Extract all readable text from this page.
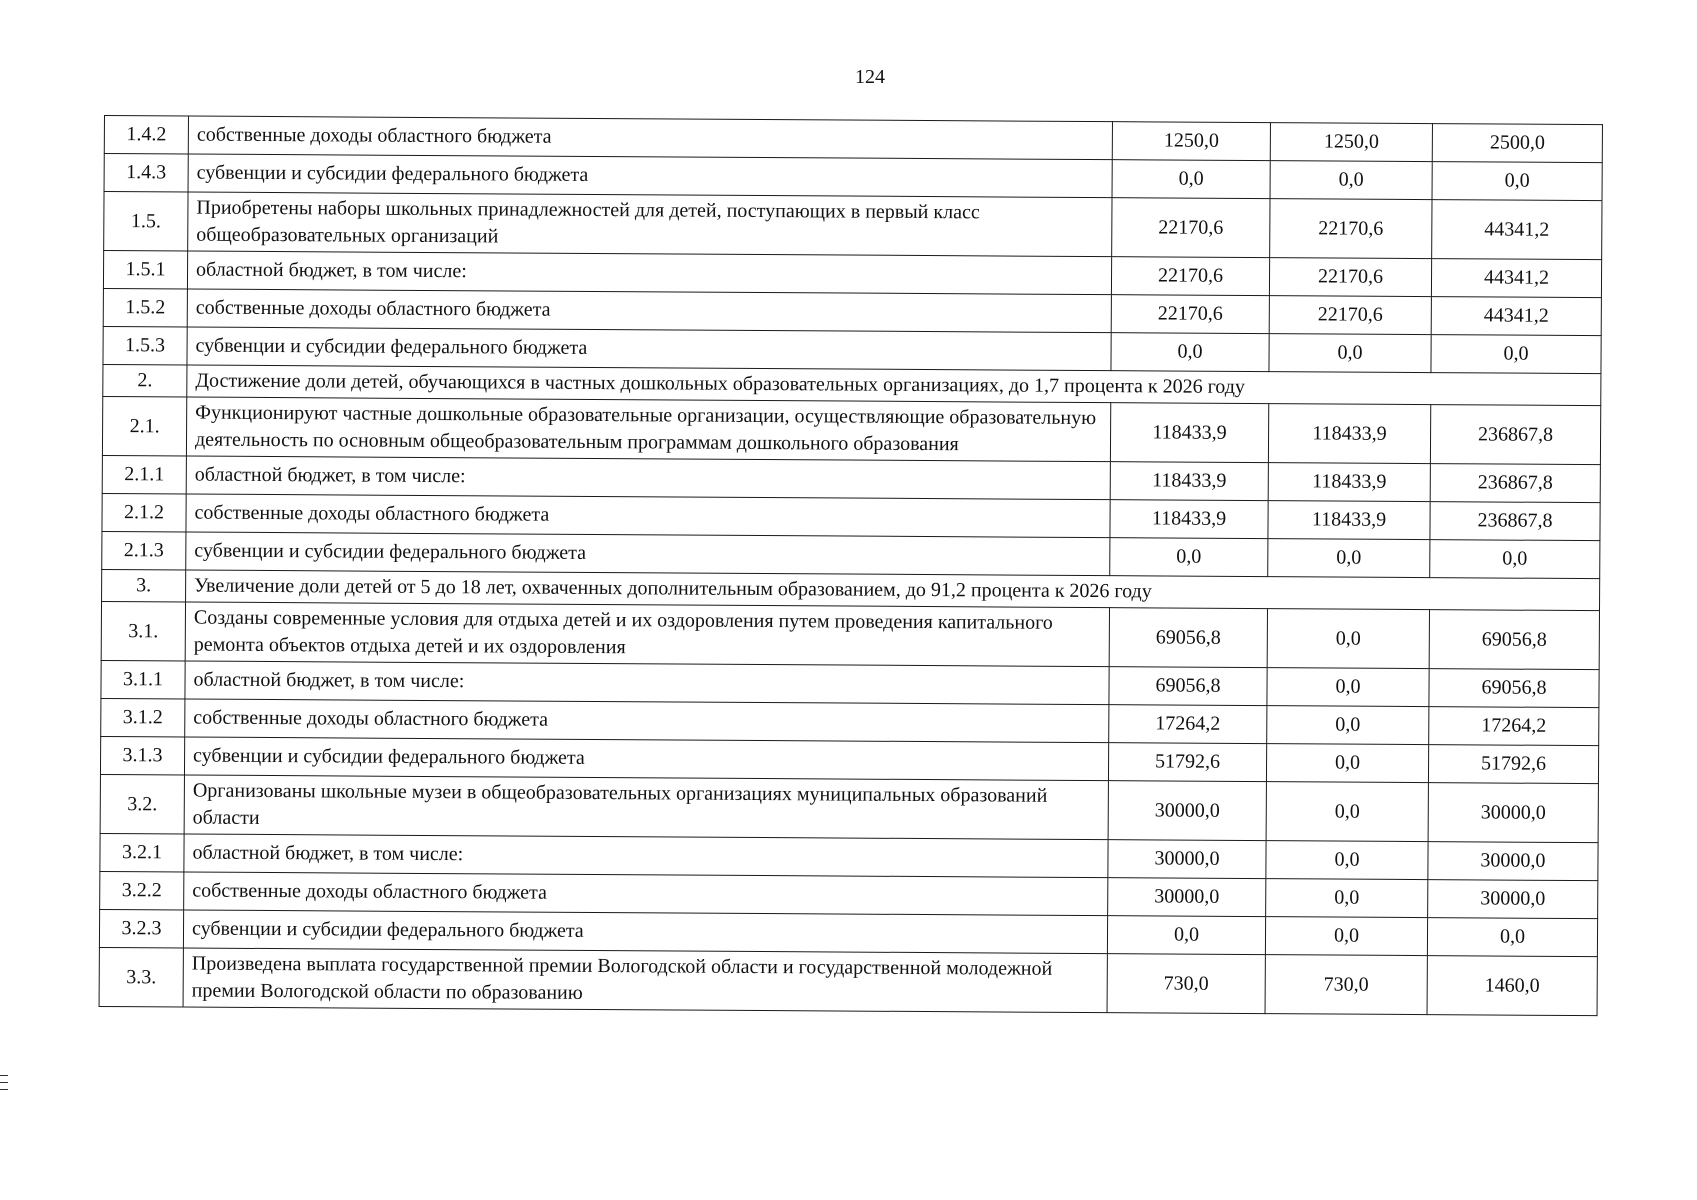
124
1.4.2	собственные доходы областного бюджета	1250,0	1250,0	2500,0
1.4.3	субвенции и субсидии федерального бюджета	0,0	0,0	0,0
1.5.	Приобретены наборы школьных принадлежностей для детей, поступающих в первый класс общеобразовательных организаций	22170,6	22170,6	44341,2
1.5.1	областной бюджет, в том числе:	22170,6	22170,6	44341,2
1.5.2	собственные доходы областного бюджета	22170,6	22170,6	44341,2
1.5.3	субвенции и субсидии федерального бюджета	0,0	0,0	0,0
2.	Достижение доли детей, обучающихся в частных дошкольных образовательных организациях, до 1,7 процента к 2026 году			
2.1.	Функционируют частные дошкольные образовательные организации, осуществляющие образовательную деятельность по основным общеобразовательным программам дошкольного образования	118433,9	118433,9	236867,8
2.1.1	областной бюджет, в том числе:	118433,9	118433,9	236867,8
2.1.2	собственные доходы областного бюджета	118433,9	118433,9	236867,8
2.1.3	субвенции и субсидии федерального бюджета	0,0	0,0	0,0
3.	Увеличение доли детей от 5 до 18 лет, охваченных дополнительным образованием, до 91,2 процента к 2026 году			
3.1.	Созданы современные условия для отдыха детей и их оздоровления путем проведения капитального ремонта объектов отдыха детей и их оздоровления	69056,8	0,0	69056,8
3.1.1	областной бюджет, в том числе:	69056,8	0,0	69056,8
3.1.2	собственные доходы областного бюджета	17264,2	0,0	17264,2
3.1.3	субвенции и субсидии федерального бюджета	51792,6	0,0	51792,6
3.2.	Организованы школьные музеи в общеобразовательных организациях муниципальных образований области	30000,0	0,0	30000,0
3.2.1	областной бюджет, в том числе:	30000,0	0,0	30000,0
3.2.2	собственные доходы областного бюджета	30000,0	0,0	30000,0
3.2.3	субвенции и субсидии федерального бюджета	0,0	0,0	0,0
3.3.	Произведена выплата государственной премии Вологодской области и государственной молодежной премии Вологодской области по образованию	730,0	730,0	1460,0
